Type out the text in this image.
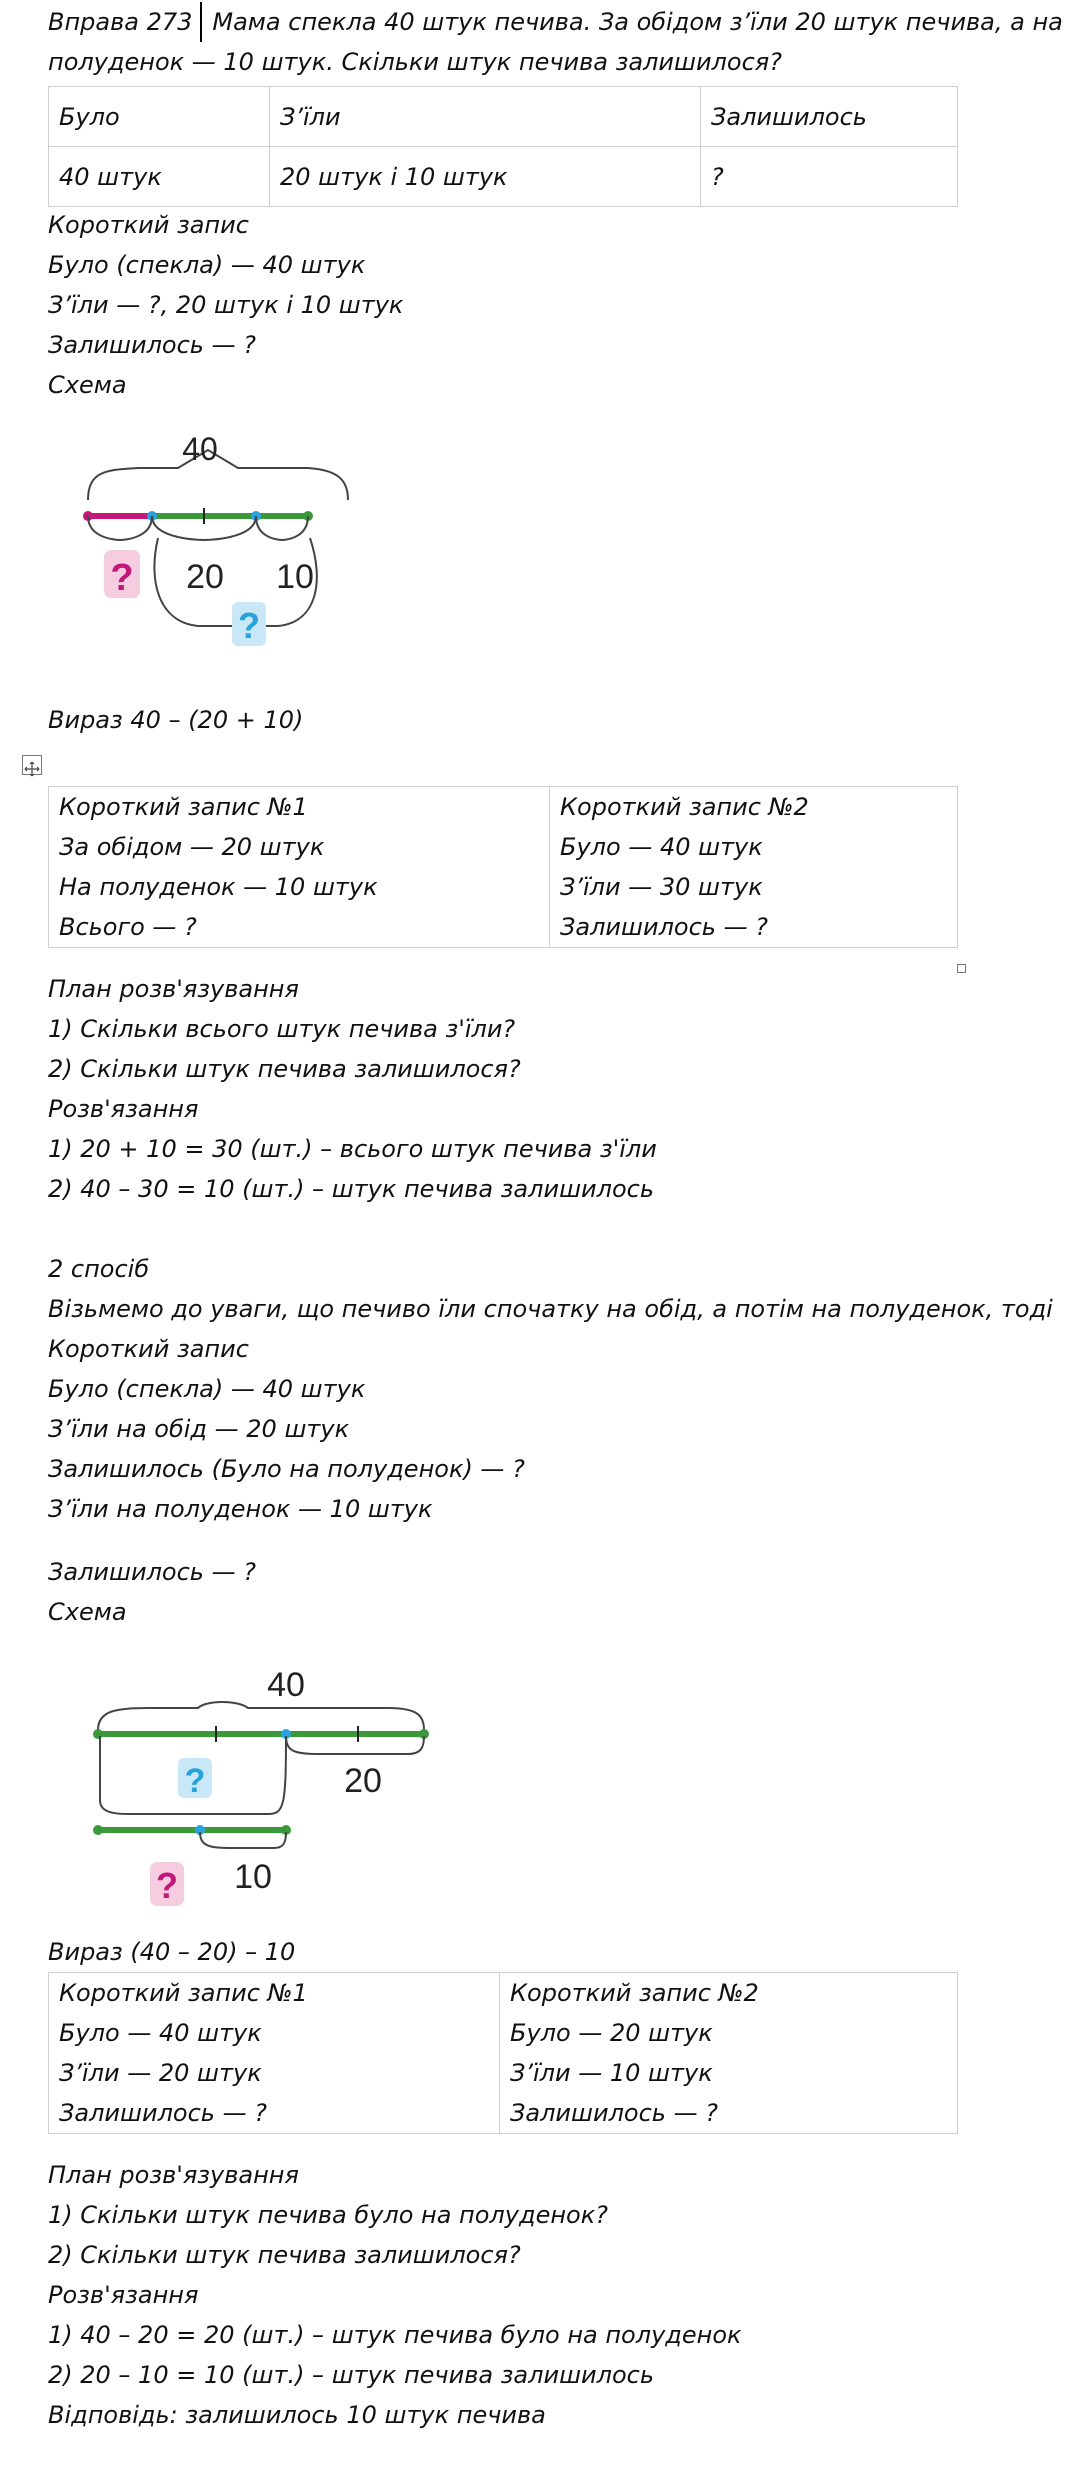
Вправа 273 Мама спекла 40 штук печива. За обідом з’їли 20 штук печива, а на
полуденок — 10 штук. Скільки штук печива залишилося?
Було	З’їли	Залишилось
40 штук	20 штук і 10 штук	?
Короткий запис
Було (спекла) — 40 штук
З’їли — ?, 20 штук і 10 штук
Залишилось — ?
Схема
40
? 20 10
?
Вираз 40 – (20 + 10)
Короткий запис №1
За обідом — 20 штук
На полуденок — 10 штук
Всього — ?

Короткий запис №2
Було — 40 штук
З’їли — 30 штук
Залишилось — ?
План розв'язування
1) Скільки всього штук печива з'їли?
2) Скільки штук печива залишилося?
Розв'язання
1) 20 + 10 = 30 (шт.) – всього штук печива з'їли
2) 40 – 30 = 10 (шт.) – штук печива залишилось
2 спосіб
Візьмемо до уваги, що печиво їли спочатку на обід, а потім на полуденок, тоді
Короткий запис
Було (спекла) — 40 штук
З’їли на обід — 20 штук
Залишилось (Було на полуденок) — ?
З’їли на полуденок — 10 штук
Залишилось — ?
Схема
40
?	20
? 10
Вираз (40 – 20) – 10
Короткий запис №1
Було — 40 штук
З’їли — 20 штук
Залишилось — ?

Короткий запис №2
Було — 20 штук
З’їли — 10 штук
Залишилось — ?
План розв'язування
1) Скільки штук печива було на полуденок?
2) Скільки штук печива залишилося?
Розв'язання
1) 40 – 20 = 20 (шт.) – штук печива було на полуденок
2) 20 – 10 = 10 (шт.) – штук печива залишилось
Відповідь: залишилось 10 штук печива
